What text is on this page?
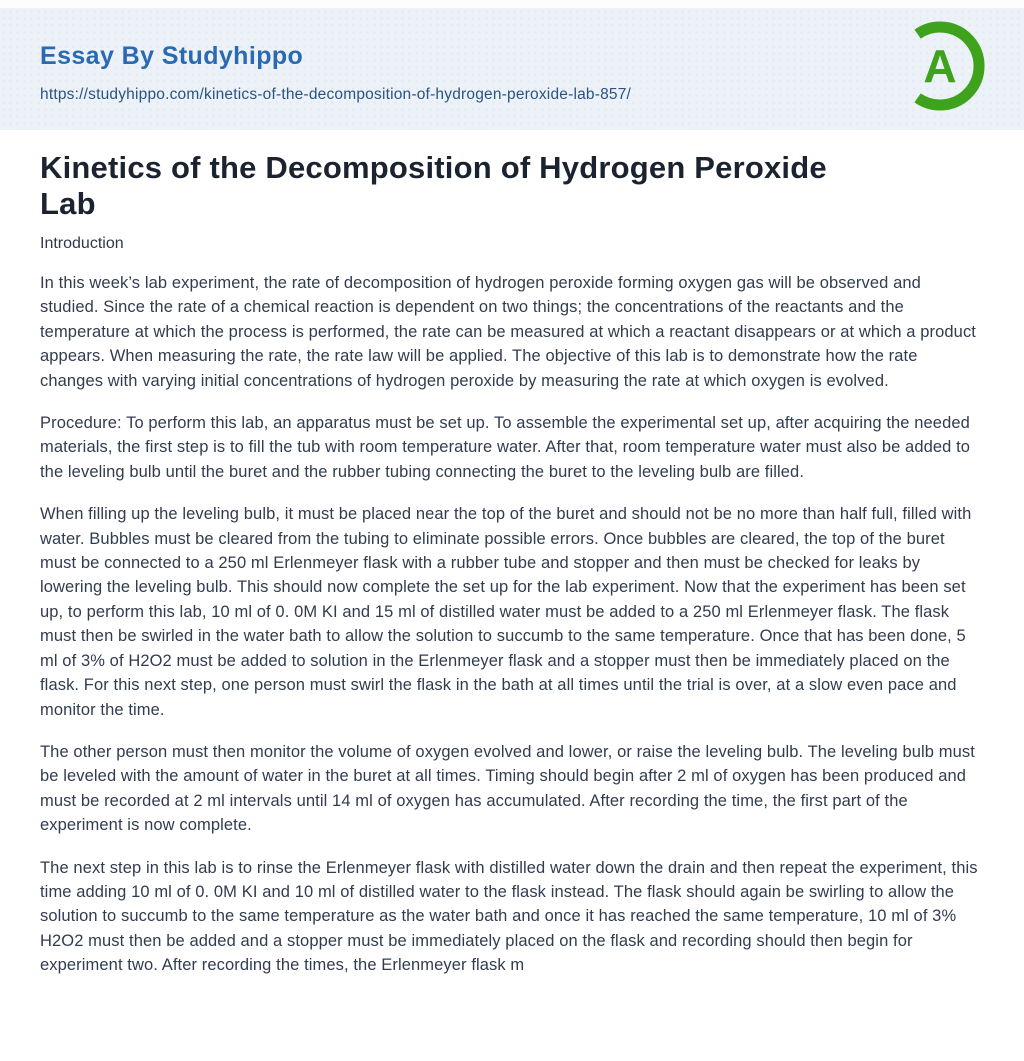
Essay By Studyhippo
https://studyhippo.com/kinetics-of-the-decomposition-of-hydrogen-peroxide-lab-857/
A
Kinetics of the Decomposition of Hydrogen Peroxide Lab
Introduction

In this week’s lab experiment, the rate of decomposition of hydrogen peroxide forming oxygen gas will be observed and studied. Since the rate of a chemical reaction is dependent on two things; the concentrations of the reactants and the temperature at which the process is performed, the rate can be measured at which a reactant disappears or at which a product appears. When measuring the rate, the rate law will be applied. The objective of this lab is to demonstrate how the rate changes with varying initial concentrations of hydrogen peroxide by measuring the rate at which oxygen is evolved.

Procedure: To perform this lab, an apparatus must be set up. To assemble the experimental set up, after acquiring the needed materials, the first step is to fill the tub with room temperature water. After that, room temperature water must also be added to the leveling bulb until the buret and the rubber tubing connecting the buret to the leveling bulb are filled.

When filling up the leveling bulb, it must be placed near the top of the buret and should not be no more than half full, filled with water. Bubbles must be cleared from the tubing to eliminate possible errors. Once bubbles are cleared, the top of the buret must be connected to a 250 ml Erlenmeyer flask with a rubber tube and stopper and then must be checked for leaks by lowering the leveling bulb. This should now complete the set up for the lab experiment. Now that the experiment has been set up, to perform this lab, 10 ml of 0. 0M KI and 15 ml of distilled water must be added to a 250 ml Erlenmeyer flask. The flask must then be swirled in the water bath to allow the solution to succumb to the same temperature. Once that has been done, 5 ml of 3% of H2O2 must be added to solution in the Erlenmeyer flask and a stopper must then be immediately placed on the flask. For this next step, one person must swirl the flask in the bath at all times until the trial is over, at a slow even pace and monitor the time.

The other person must then monitor the volume of oxygen evolved and lower, or raise the leveling bulb. The leveling bulb must be leveled with the amount of water in the buret at all times. Timing should begin after 2 ml of oxygen has been produced and must be recorded at 2 ml intervals until 14 ml of oxygen has accumulated. After recording the time, the first part of the experiment is now complete.

The next step in this lab is to rinse the Erlenmeyer flask with distilled water down the drain and then repeat the experiment, this time adding 10 ml of 0. 0M KI and 10 ml of distilled water to the flask instead. The flask should again be swirling to allow the solution to succumb to the same temperature as the water bath and once it has reached the same temperature, 10 ml of 3% H2O2 must then be added and a stopper must be immediately placed on the flask and recording should then begin for experiment two. After recording the times, the Erlenmeyer flask m
